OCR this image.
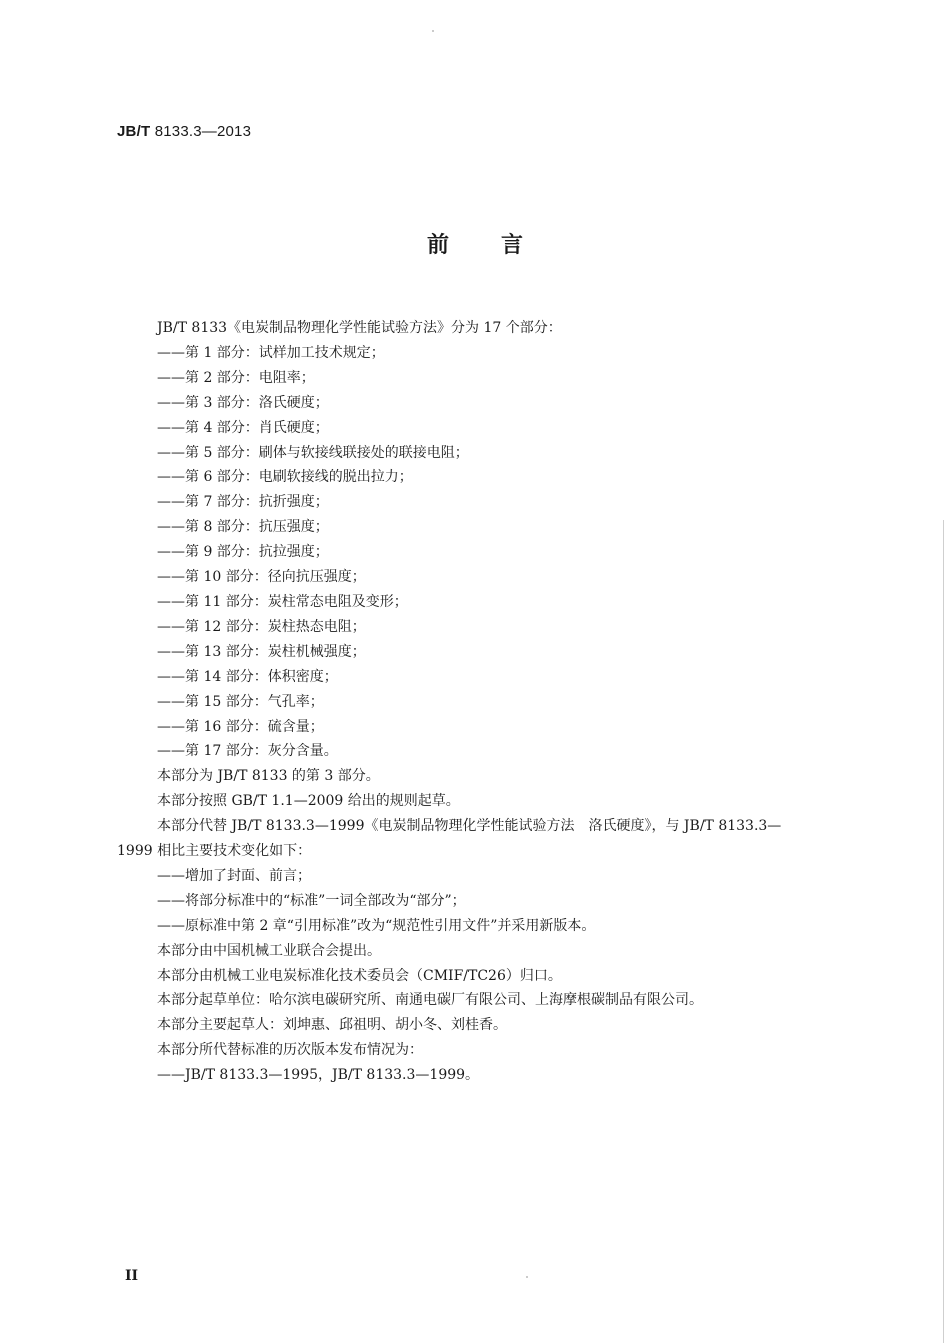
JB/T 8133.3—2013
前言

JB/T 8133《电炭制品物理化学性能试验方法》分为 17 个部分：

——第 1 部分：试样加工技术规定；

——第 2 部分：电阻率；

——第 3 部分：洛氏硬度；

——第 4 部分：肖氏硬度；

——第 5 部分：刷体与软接线联接处的联接电阻；

——第 6 部分：电刷软接线的脱出拉力；

——第 7 部分：抗折强度；

——第 8 部分：抗压强度；

——第 9 部分：抗拉强度；

——第 10 部分：径向抗压强度；

——第 11 部分：炭柱常态电阻及变形；

——第 12 部分：炭柱热态电阻；

——第 13 部分：炭柱机械强度；

——第 14 部分：体积密度；

——第 15 部分：气孔率；

——第 16 部分：硫含量；

——第 17 部分：灰分含量。

本部分为 JB/T 8133 的第 3 部分。

本部分按照 GB/T 1.1—2009 给出的规则起草。

本部分代替 JB/T 8133.3—1999《电炭制品物理化学性能试验方法　洛氏硬度》，与 JB/T 8133.3—

1999 相比主要技术变化如下：

——增加了封面、前言；

——将部分标准中的“标准”一词全部改为“部分”；

——原标准中第 2 章“引用标准”改为“规范性引用文件”并采用新版本。

本部分由中国机械工业联合会提出。

本部分由机械工业电炭标准化技术委员会（CMIF/TC26）归口。

本部分起草单位：哈尔滨电碳研究所、南通电碳厂有限公司、上海摩根碳制品有限公司。

本部分主要起草人：刘坤惠、邱祖明、胡小冬、刘桂香。

本部分所代替标准的历次版本发布情况为：

——JB/T 8133.3—1995，JB/T 8133.3—1999。

II
